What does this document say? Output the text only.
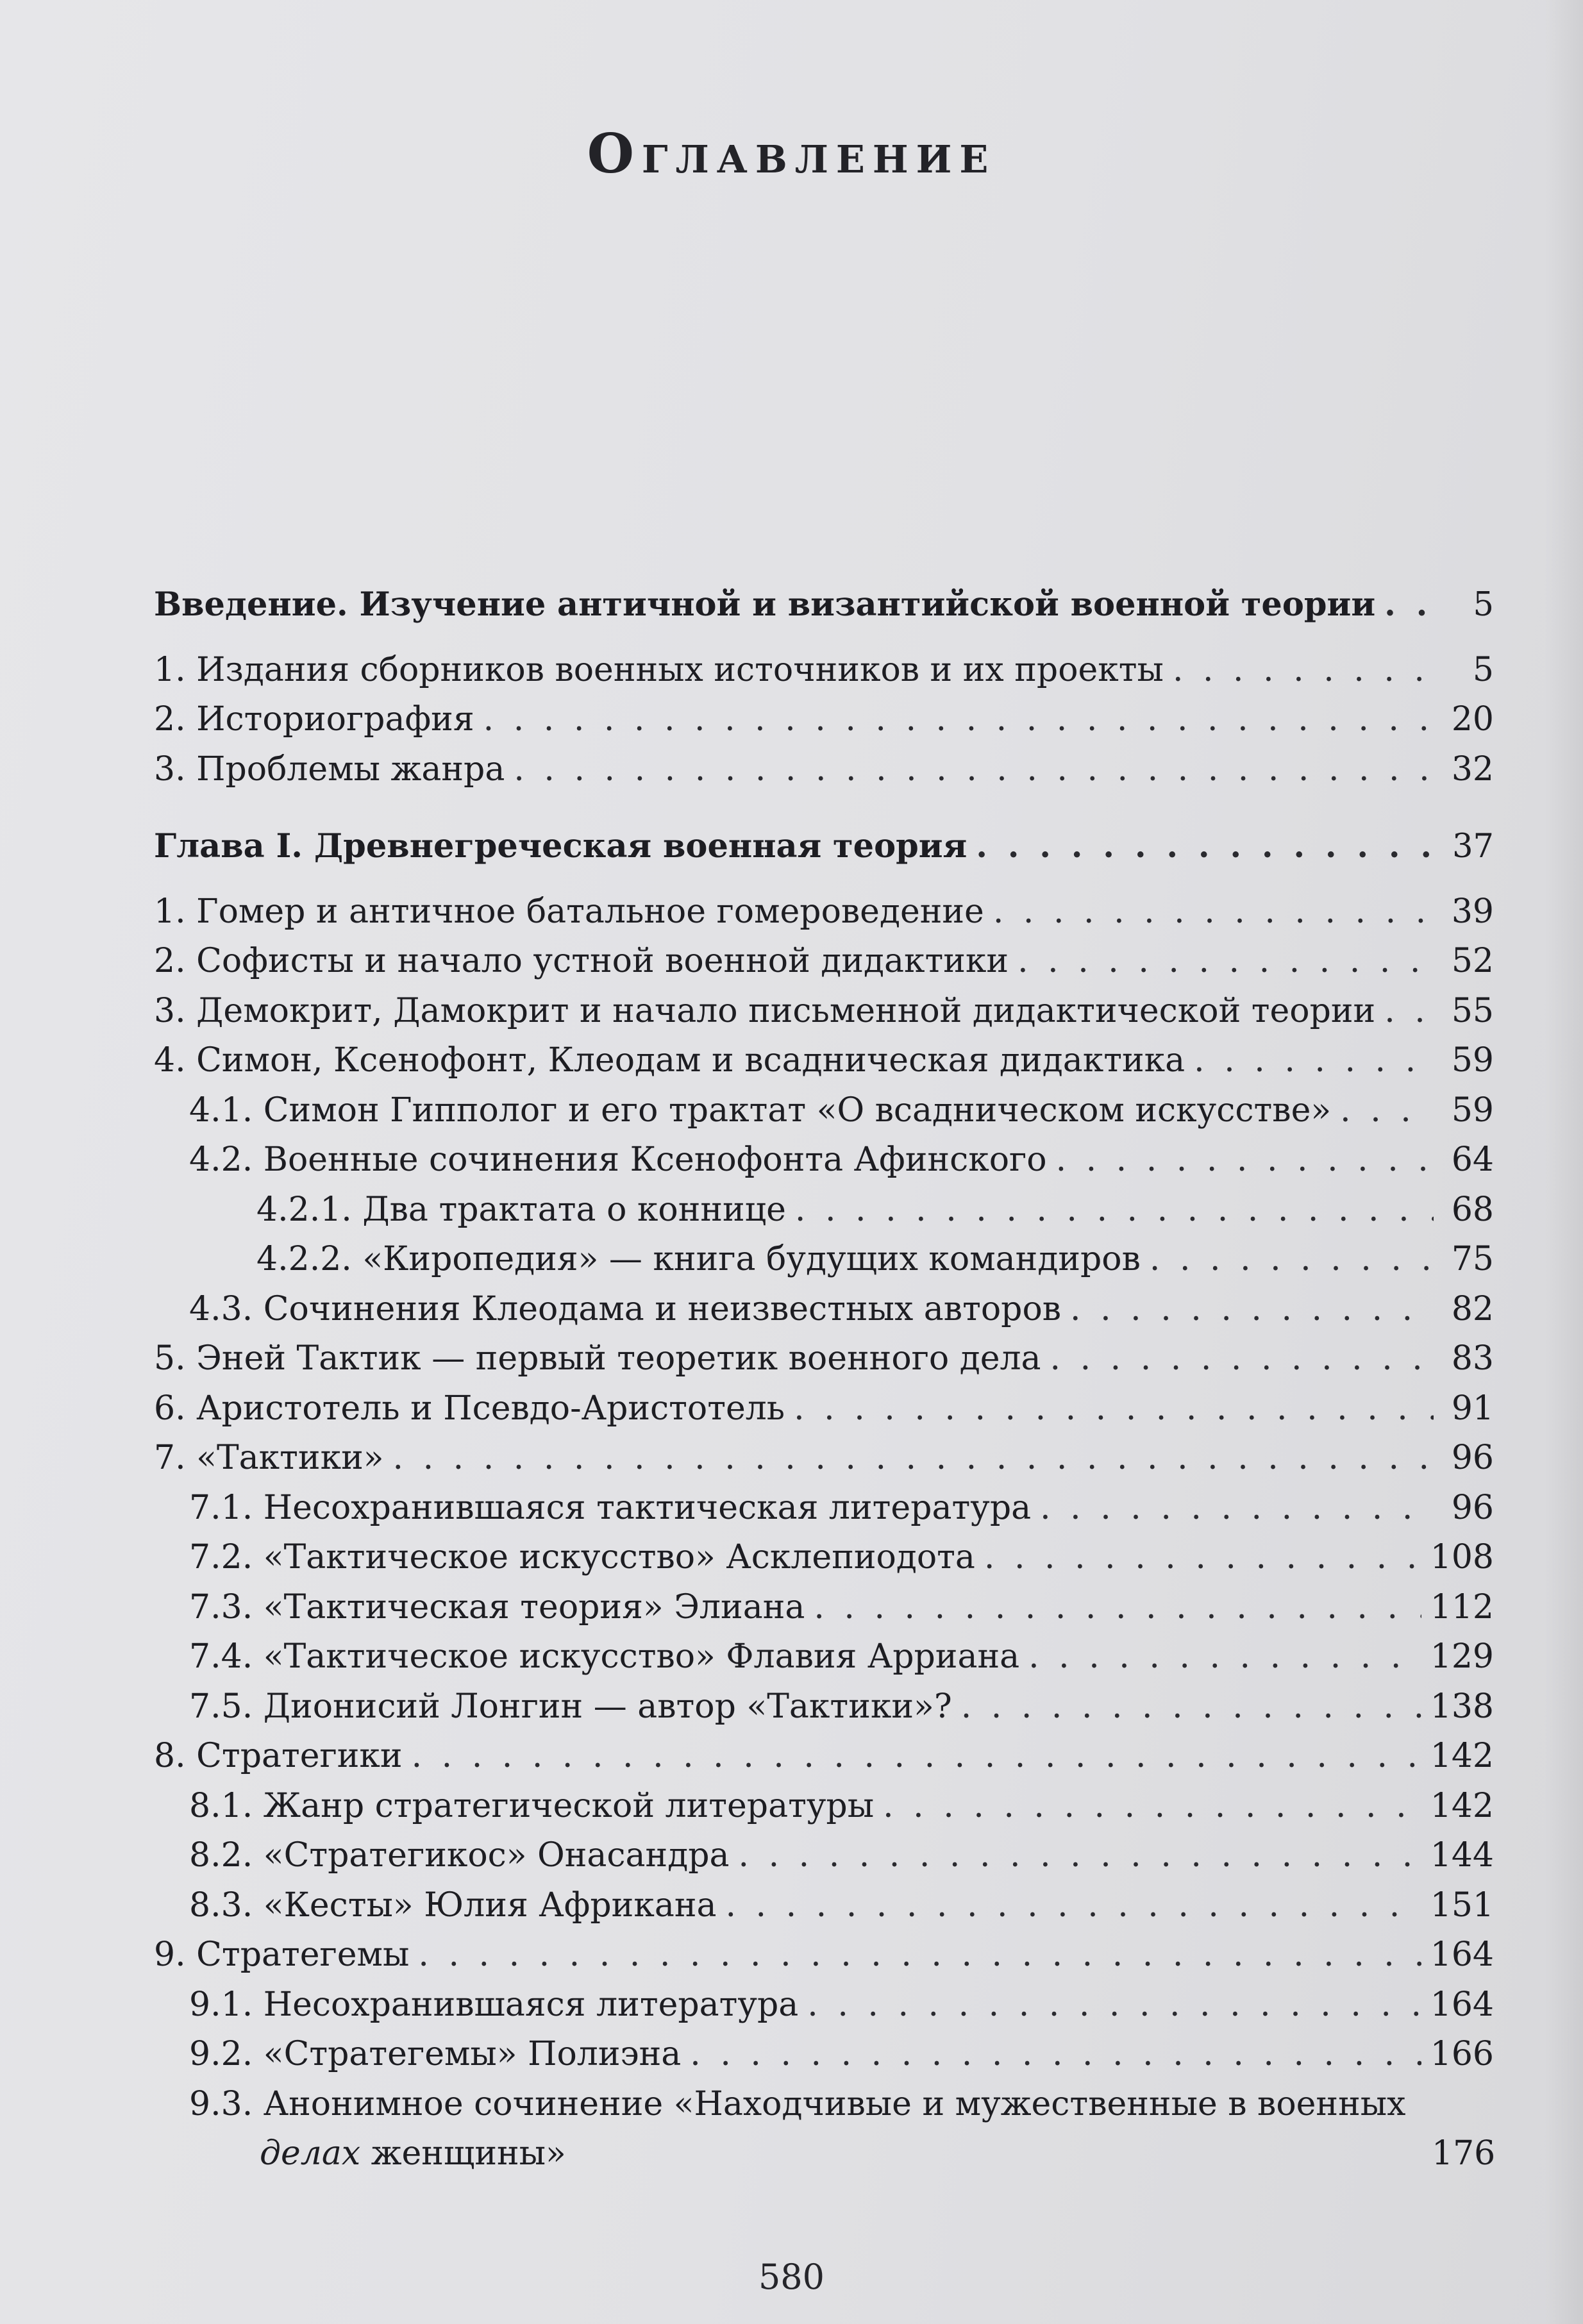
Оглавление
Введение. Изучение античной и византийской военной теории . . .	5
1. Издания сборников военных источников и их проекты . . .	5
2. Историография . . .	20
3. Проблемы жанра . . .	32
Глава I. Древнегреческая военная теория . . .	37
1. Гомер и античное батальное гомероведение . . .	39
2. Софисты и начало устной военной дидактики . . .	52
3. Демокрит, Дамокрит и начало письменной дидактической теории . . . 55
4. Симон, Ксенофонт, Клеодам и всадническая дидактика . . .	59
4.1. Симон Гипполог и его трактат «О всадническом искусстве» . . .	59
4.2. Военные сочинения Ксенофонта Афинского . . .	64
4.2.1. Два трактата о коннице . . .	68
4.2.2. «Киропедия» — книга будущих командиров . . .	75
4.3. Сочинения Клеодама и неизвестных авторов . . .	82
5. Эней Тактик — первый теоретик военного дела . . .	83
6. Аристотель и Псевдо-Аристотель . . .	91
7. «Тактики» . . .	96
7.1. Несохранившаяся тактическая литература . . .	96
7.2. «Тактическое искусство» Асклепиодота . . .	108
7.3. «Тактическая теория» Элиана . . .	112
7.4. «Тактическое искусство» Флавия Арриана . . .	129
7.5. Дионисий Лонгин — автор «Тактики»? . . .	138
8. Стратегики . . .	142
8.1. Жанр стратегической литературы . . .	142
8.2. «Стратегикос» Онасандра . . .	144
8.3. «Кесты» Юлия Африкана . . .	151
9. Стратегемы . . .	164
9.1. Несохранившаяся литература . . .	164
9.2. «Стратегемы» Полиэна . . .	166
9.3. Анонимное сочинение «Находчивые и мужественные в военных
делах женщины»	176
580
